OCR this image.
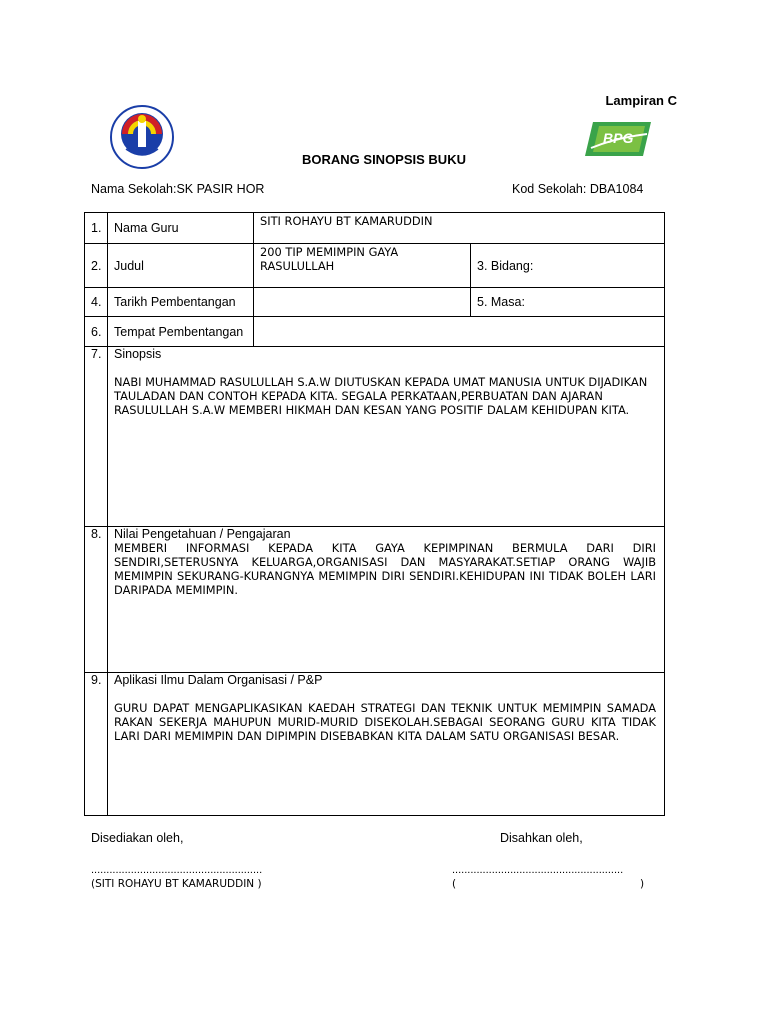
Lampiran C
BPG
BORANG SINOPSIS BUKU
Nama Sekolah:SK PASIR HOR	Kod Sekolah: DBA1084
1.	Nama Guru	SITI ROHAYU BT KAMARUDDIN	
2.	Judul	200 TIP MEMIMPIN GAYA
RASULULLAH	3. Bidang:
4.	Tarikh Pembentangan		5. Masa:
6.	Tempat Pembentangan		
7.	Sinopsis
NABI MUHAMMAD RASULULLAH S.A.W DIUTUSKAN KEPADA UMAT MANUSIA UNTUK DIJADIKAN TAULADAN DAN CONTOH KEPADA KITA. SEGALA PERKATAAN,PERBUATAN DAN AJARAN RASULULLAH S.A.W MEMBERI HIKMAH DAN KESAN YANG POSITIF DALAM KEHIDUPAN KITA.		

8.	Nilai Pengetahuan / Pengajaran
MEMBERI INFORMASI KEPADA KITA GAYA KEPIMPINAN BERMULA DARI DIRI SENDIRI,SETERUSNYA KELUARGA,ORGANISASI DAN MASYARAKAT.SETIAP ORANG WAJIB MEMIMPIN SEKURANG-KURANGNYA MEMIMPIN DIRI SENDIRI.KEHIDUPAN INI TIDAK BOLEH LARI DARIPADA MEMIMPIN.		

9.	Aplikasi Ilmu Dalam Organisasi / P&P
GURU DAPAT MENGAPLIKASIKAN KAEDAH STRATEGI DAN TEKNIK UNTUK MEMIMPIN SAMADA RAKAN SEKERJA MAHUPUN MURID-MURID DISEKOLAH.SEBAGAI SEORANG GURU KITA TIDAK LARI DARI MEMIMPIN DAN DIPIMPIN DISEBABKAN KITA DALAM SATU ORGANISASI BESAR.		
Disediakan oleh,	Disahkan oleh,
........................................................	........................................................
(SITI ROHAYU BT KAMARUDDIN )	(	)
